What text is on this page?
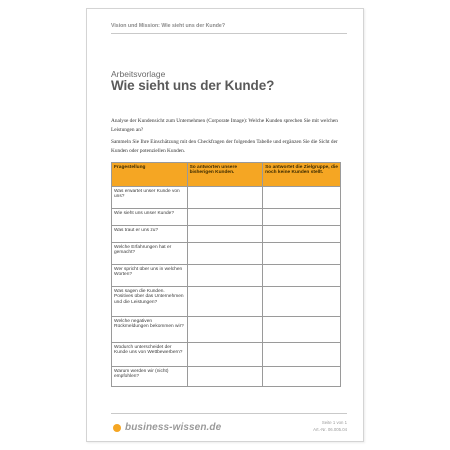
Vision und Mission: Wie sieht uns der Kunde?
Arbeitsvorlage
Wie sieht uns der Kunde?
Analyse der Kundensicht zum Unternehmen (Corporate Image): Welche Kunden sprechen Sie mit welchen Leistungen an?
Sammeln Sie Ihre Einschätzung mit den Checkfragen der folgenden Tabelle und ergänzen Sie die Sicht der Kunden oder potenziellen Kunden.
Fragestellung	So antworten unsere bisherigen Kunden.	So antwortet die Zielgruppe, die noch keine Kunden stellt.
Was erwartet unser Kunde von uns?		
Wie sieht uns unser Kunde?		
Was traut er uns zu?		
Welche Erfahrungen hat er gemacht?		
Wer spricht über uns in welchen Worten?		
Was sagen die Kunden. Positives über das Unternehmen und die Leistungen?		
Welche negativen Rückmeldungen bekommen wir?		
Wodurch unterscheidet der Kunde uns von Wettbewerbern?		
Warum werden wir (nicht) empfohlen?		
business-wissen.de	Seite 1 von 1
Art.-Nr. 06.005.04
